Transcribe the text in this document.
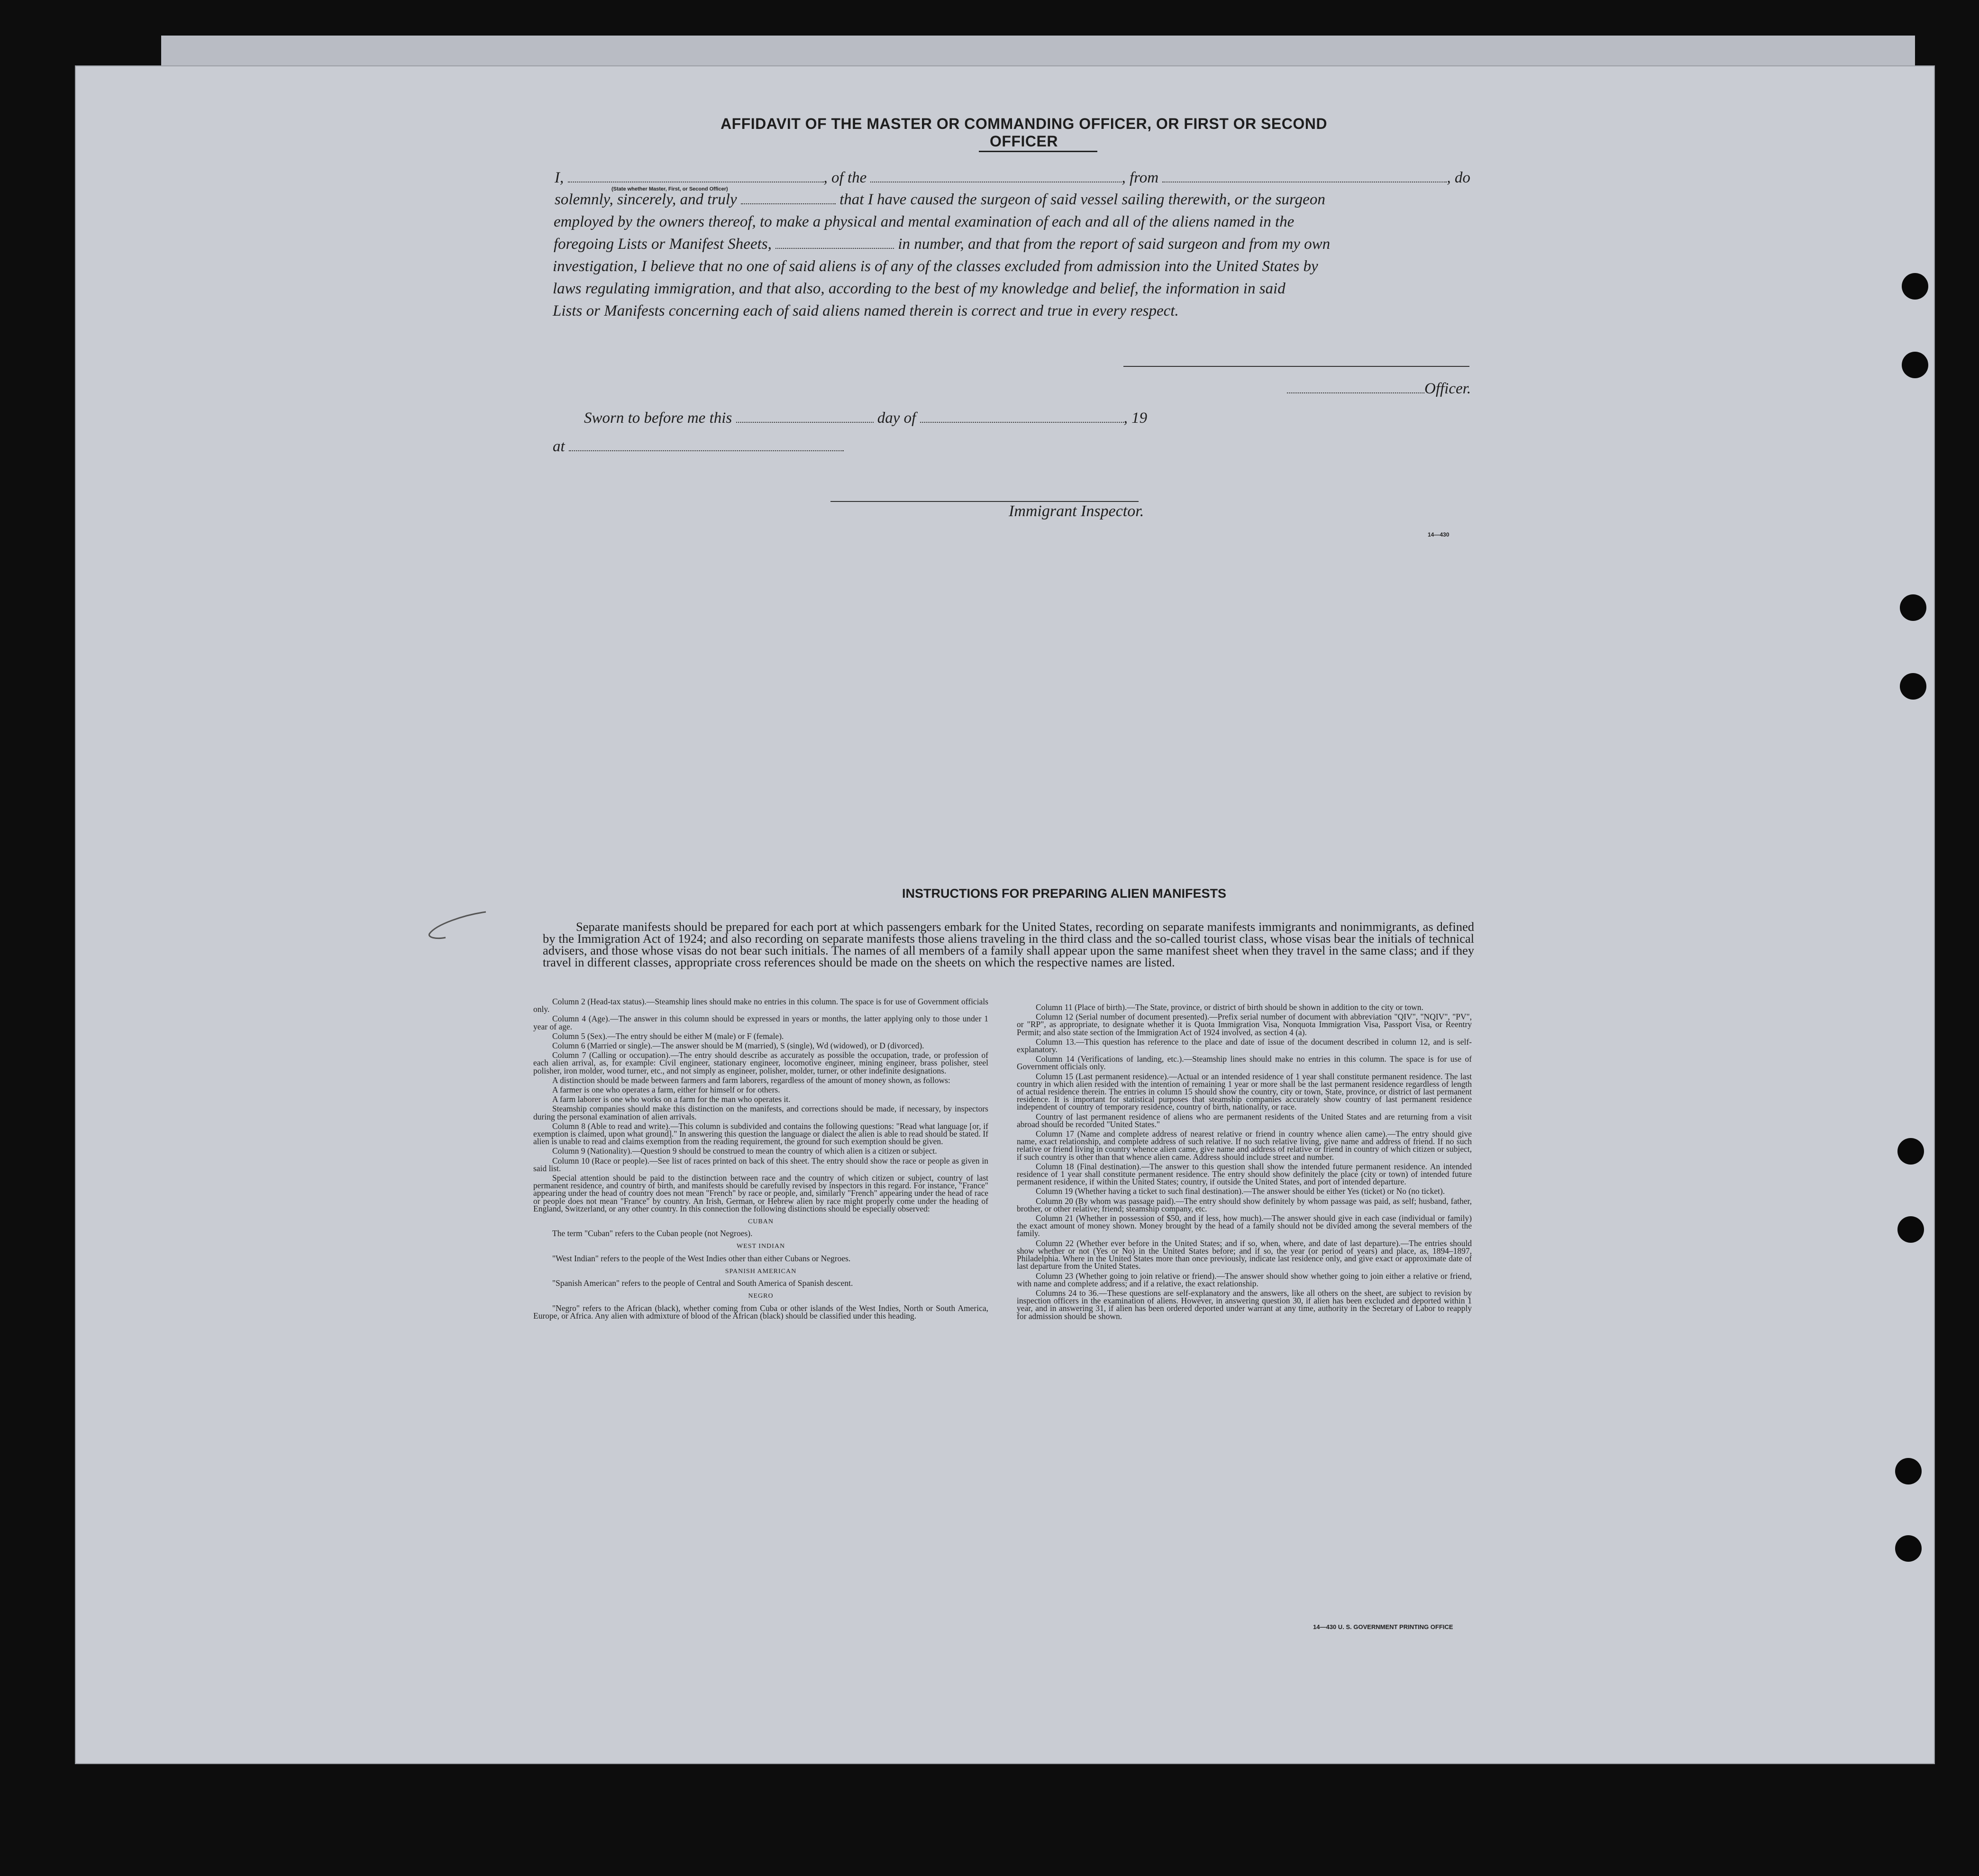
AFFIDAVIT OF THE MASTER OR COMMANDING OFFICER, OR FIRST OR SECOND OFFICER
I,	, of the	, from	, do
(State whether Master, First, or Second Officer)
solemnly, sincerely, and truly	that I have caused the surgeon of said vessel sailing therewith, or the surgeon
employed by the owners thereof, to make a physical and mental examination of each and all of the aliens named in the
foregoing Lists or Manifest Sheets,	in number, and that from the report of said surgeon and from my own
investigation, I believe that no one of said aliens is of any of the classes excluded from admission into the United States by
laws regulating immigration, and that also, according to the best of my knowledge and belief, the information in said
Lists or Manifests concerning each of said aliens named therein is correct and true in every respect.
Officer.
Sworn to before me this	day of	, 19
at
Immigrant Inspector.
14—430
INSTRUCTIONS FOR PREPARING ALIEN MANIFESTS
Separate manifests should be prepared for each port at which passengers embark for the United States, recording on separate manifests immigrants and nonimmigrants, as defined by the Immigration Act of 1924; and also recording on separate manifests those aliens traveling in the third class and the so-called tourist class, whose visas bear the initials of technical advisers, and those whose visas do not bear such initials. The names of all members of a family shall appear upon the same manifest sheet when they travel in the same class; and if they travel in different classes, appropriate cross references should be made on the sheets on which the respective names are listed.

Column 2 (Head-tax status).—Steamship lines should make no entries in this column. The space is for use of Government officials only.

Column 4 (Age).—The answer in this column should be expressed in years or months, the latter applying only to those under 1 year of age.

Column 5 (Sex).—The entry should be either M (male) or F (female).

Column 6 (Married or single).—The answer should be M (married), S (single), Wd (widowed), or D (divorced).

Column 7 (Calling or occupation).—The entry should describe as accurately as possible the occupation, trade, or profession of each alien arrival, as, for example: Civil engineer, stationary engineer, locomotive engineer, mining engineer, brass polisher, steel polisher, iron molder, wood turner, etc., and not simply as engineer, polisher, molder, turner, or other indefinite designations.

A distinction should be made between farmers and farm laborers, regardless of the amount of money shown, as follows:

A farmer is one who operates a farm, either for himself or for others.

A farm laborer is one who works on a farm for the man who operates it.

Steamship companies should make this distinction on the manifests, and corrections should be made, if necessary, by inspectors during the personal examination of alien arrivals.

Column 8 (Able to read and write).—This column is subdivided and contains the following questions: "Read what language [or, if exemption is claimed, upon what ground]." In answering this question the language or dialect the alien is able to read should be stated. If alien is unable to read and claims exemption from the reading requirement, the ground for such exemption should be given.

Column 9 (Nationality).—Question 9 should be construed to mean the country of which alien is a citizen or subject.

Column 10 (Race or people).—See list of races printed on back of this sheet. The entry should show the race or people as given in said list.

Special attention should be paid to the distinction between race and the country of which citizen or subject, country of last permanent residence, and country of birth, and manifests should be carefully revised by inspectors in this regard. For instance, "France" appearing under the head of country does not mean "French" by race or people, and, similarly "French" appearing under the head of race or people does not mean "France" by country. An Irish, German, or Hebrew alien by race might properly come under the heading of England, Switzerland, or any other country. In this connection the following distinctions should be especially observed:

CUBAN

The term "Cuban" refers to the Cuban people (not Negroes).

WEST INDIAN

"West Indian" refers to the people of the West Indies other than either Cubans or Negroes.

SPANISH AMERICAN

"Spanish American" refers to the people of Central and South America of Spanish descent.

NEGRO

"Negro" refers to the African (black), whether coming from Cuba or other islands of the West Indies, North or South America, Europe, or Africa. Any alien with admixture of blood of the African (black) should be classified under this heading.

Column 11 (Place of birth).—The State, province, or district of birth should be shown in addition to the city or town.

Column 12 (Serial number of document presented).—Prefix serial number of document with abbreviation "QIV", "NQIV", "PV", or "RP", as appropriate, to designate whether it is Quota Immigration Visa, Nonquota Immigration Visa, Passport Visa, or Reentry Permit; and also state section of the Immigration Act of 1924 involved, as section 4 (a).

Column 13.—This question has reference to the place and date of issue of the document described in column 12, and is self-explanatory.

Column 14 (Verifications of landing, etc.).—Steamship lines should make no entries in this column. The space is for use of Government officials only.

Column 15 (Last permanent residence).—Actual or an intended residence of 1 year shall constitute permanent residence. The last country in which alien resided with the intention of remaining 1 year or more shall be the last permanent residence regardless of length of actual residence therein. The entries in column 15 should show the country, city or town, State, province, or district of last permanent residence. It is important for statistical purposes that steamship companies accurately show country of last permanent residence independent of country of temporary residence, country of birth, nationality, or race.

Country of last permanent residence of aliens who are permanent residents of the United States and are returning from a visit abroad should be recorded "United States."

Column 17 (Name and complete address of nearest relative or friend in country whence alien came).—The entry should give name, exact relationship, and complete address of such relative. If no such relative living, give name and address of friend. If no such relative or friend living in country whence alien came, give name and address of relative or friend in country of which citizen or subject, if such country is other than that whence alien came. Address should include street and number.

Column 18 (Final destination).—The answer to this question shall show the intended future permanent residence. An intended residence of 1 year shall constitute permanent residence. The entry should show definitely the place (city or town) of intended future permanent residence, if within the United States; country, if outside the United States, and port of intended departure.

Column 19 (Whether having a ticket to such final destination).—The answer should be either Yes (ticket) or No (no ticket).

Column 20 (By whom was passage paid).—The entry should show definitely by whom passage was paid, as self; husband, father, brother, or other relative; friend; steamship company, etc.

Column 21 (Whether in possession of $50, and if less, how much).—The answer should give in each case (individual or family) the exact amount of money shown. Money brought by the head of a family should not be divided among the several members of the family.

Column 22 (Whether ever before in the United States; and if so, when, where, and date of last departure).—The entries should show whether or not (Yes or No) in the United States before; and if so, the year (or period of years) and place, as, 1894–1897, Philadelphia. Where in the United States more than once previously, indicate last residence only, and give exact or approximate date of last departure from the United States.

Column 23 (Whether going to join relative or friend).—The answer should show whether going to join either a relative or friend, with name and complete address; and if a relative, the exact relationship.

Columns 24 to 36.—These questions are self-explanatory and the answers, like all others on the sheet, are subject to revision by inspection officers in the examination of aliens. However, in answering question 30, if alien has been excluded and deported within 1 year, and in answering 31, if alien has been ordered deported under warrant at any time, authority in the Secretary of Labor to reapply for admission should be shown.

14—430 U. S. GOVERNMENT PRINTING OFFICE
